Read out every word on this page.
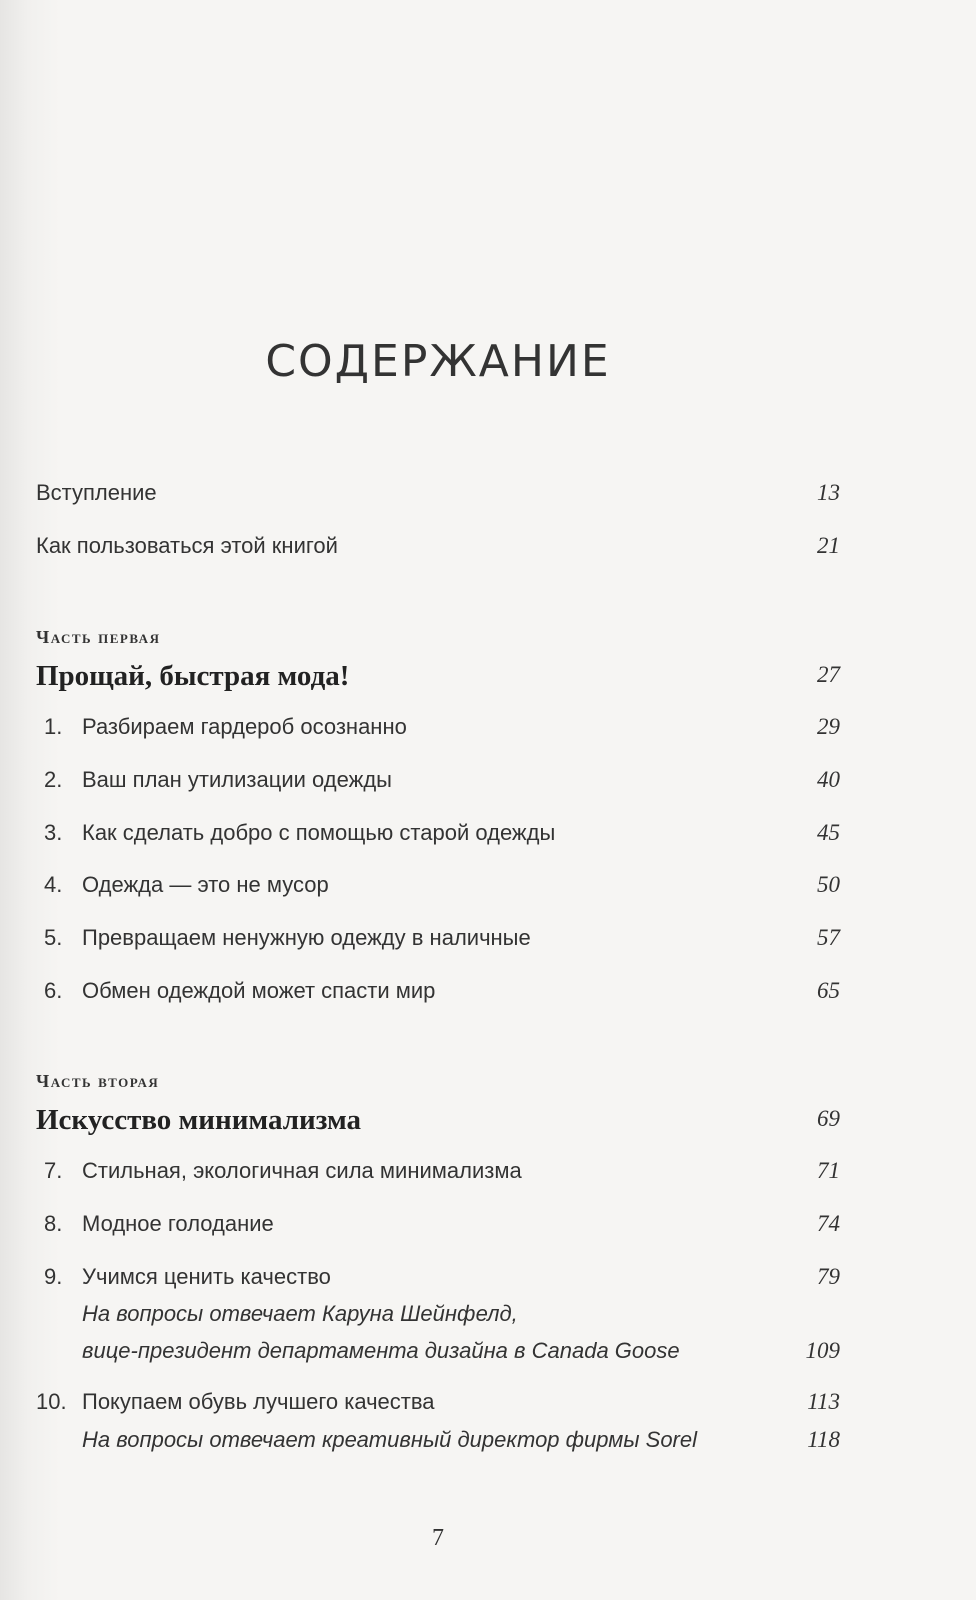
СОДЕРЖАНИЕ
Вступление	13
Как пользоваться этой книгой	21
Часть первая
Прощай, быстрая мода!	27
1. Разбираем гардероб осознанно	29
2. Ваш план утилизации одежды	40
3. Как сделать добро с помощью старой одежды	45
4. Одежда — это не мусор	50
5. Превращаем ненужную одежду в наличные	57
6. Обмен одеждой может спасти мир	65
Часть вторая
Искусство минимализма	69
7. Стильная, экологичная сила минимализма	71
8. Модное голодание	74
9. Учимся ценить качество	79
На вопросы отвечает Каруна Шейнфелд,
вице-президент департамента дизайна в Canada Goose	109
10. Покупаем обувь лучшего качества	113
На вопросы отвечает креативный директор фирмы Sorel	118
7
